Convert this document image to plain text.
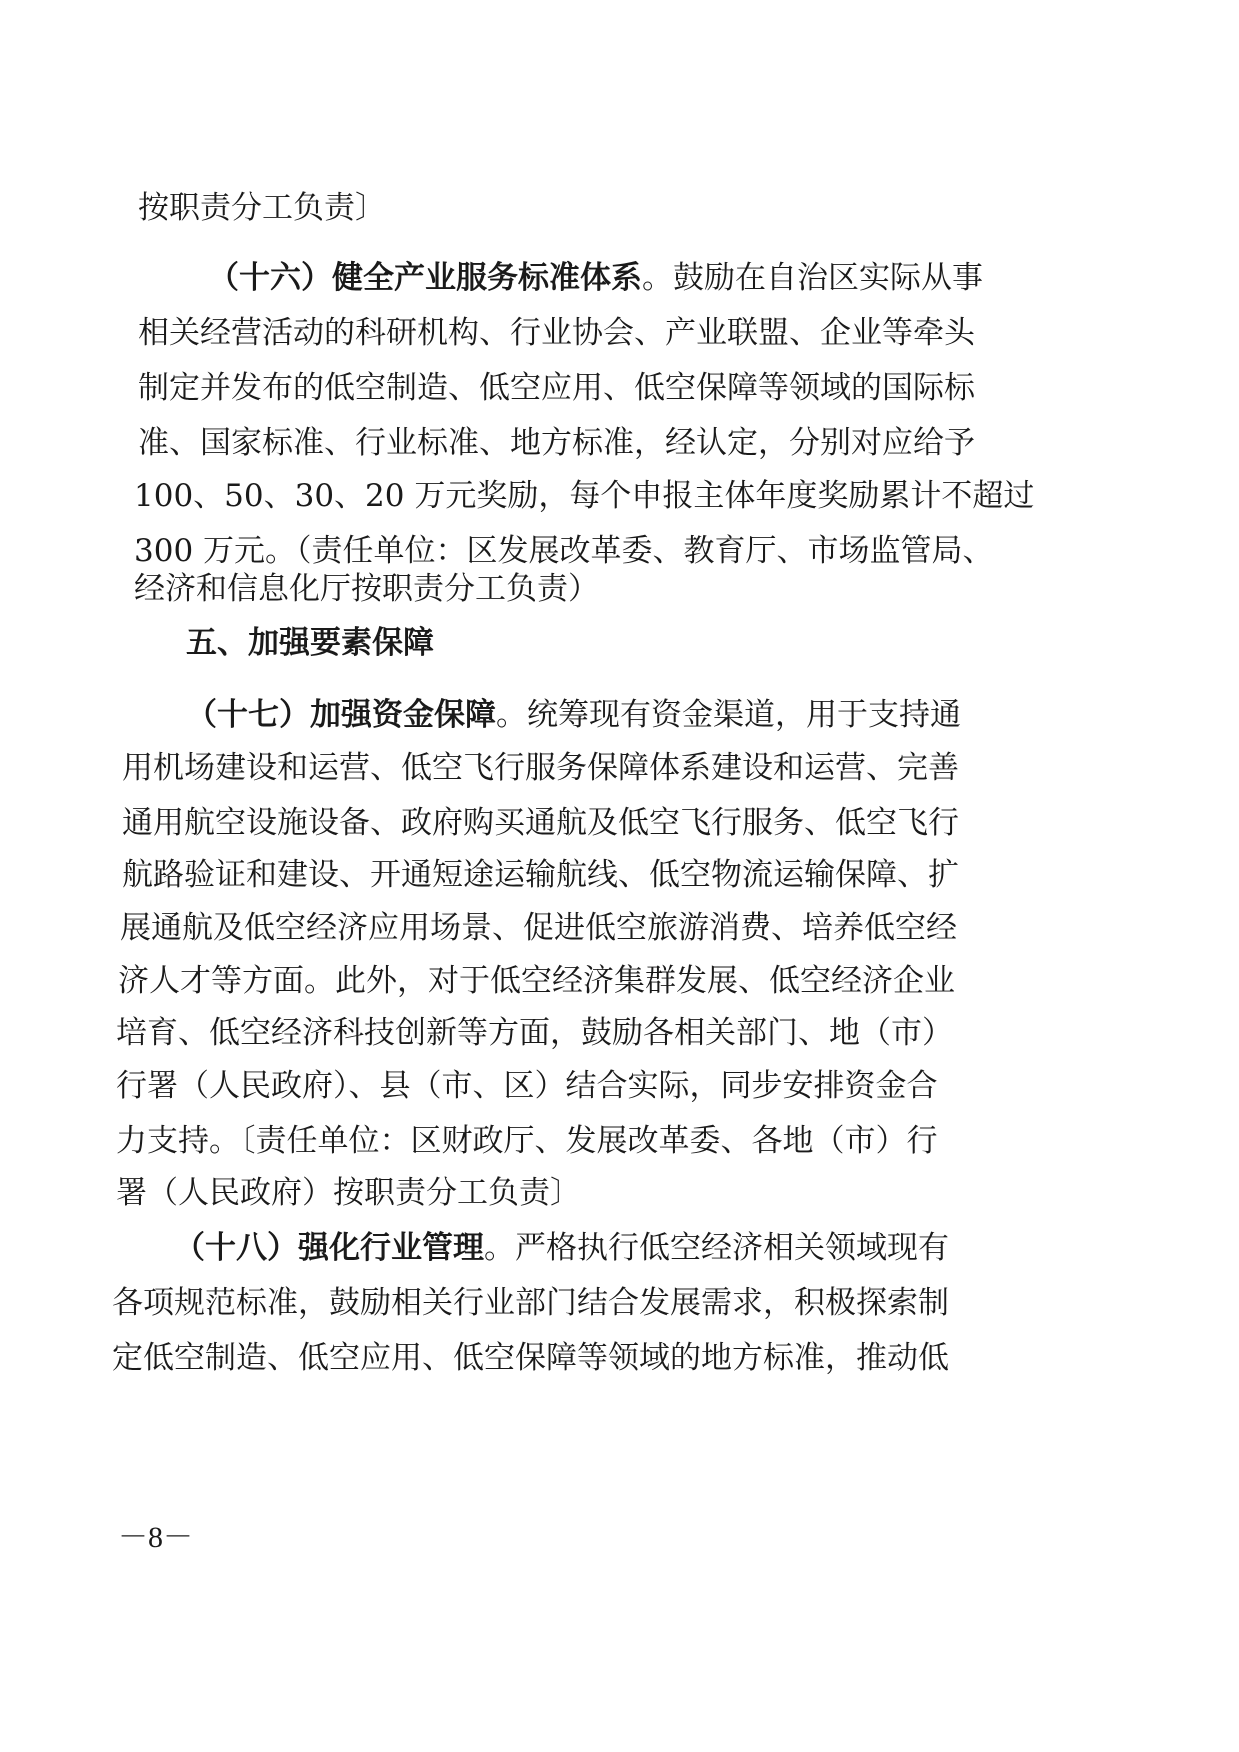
按职责分工负责〕
（十六）健全产业服务标准体系。鼓励在自治区实际从事
相关经营活动的科研机构、行业协会、产业联盟、企业等牵头
制定并发布的低空制造、低空应用、低空保障等领域的国际标
准、国家标准、行业标准、地方标准，经认定，分别对应给予
100、50、30、20 万元奖励，每个申报主体年度奖励累计不超过
300 万元。（责任单位：区发展改革委、教育厅、市场监管局、
经济和信息化厅按职责分工负责）
五、加强要素保障
（十七）加强资金保障。统筹现有资金渠道，用于支持通
用机场建设和运营、低空飞行服务保障体系建设和运营、完善
通用航空设施设备、政府购买通航及低空飞行服务、低空飞行
航路验证和建设、开通短途运输航线、低空物流运输保障、扩
展通航及低空经济应用场景、促进低空旅游消费、培养低空经
济人才等方面。此外，对于低空经济集群发展、低空经济企业
培育、低空经济科技创新等方面，鼓励各相关部门、地（市）
行署（人民政府）、县（市、区）结合实际，同步安排资金合
力支持。〔责任单位：区财政厅、发展改革委、各地（市）行
署（人民政府）按职责分工负责〕
（十八）强化行业管理。严格执行低空经济相关领域现有
各项规范标准，鼓励相关行业部门结合发展需求，积极探索制
定低空制造、低空应用、低空保障等领域的地方标准，推动低
－8－
